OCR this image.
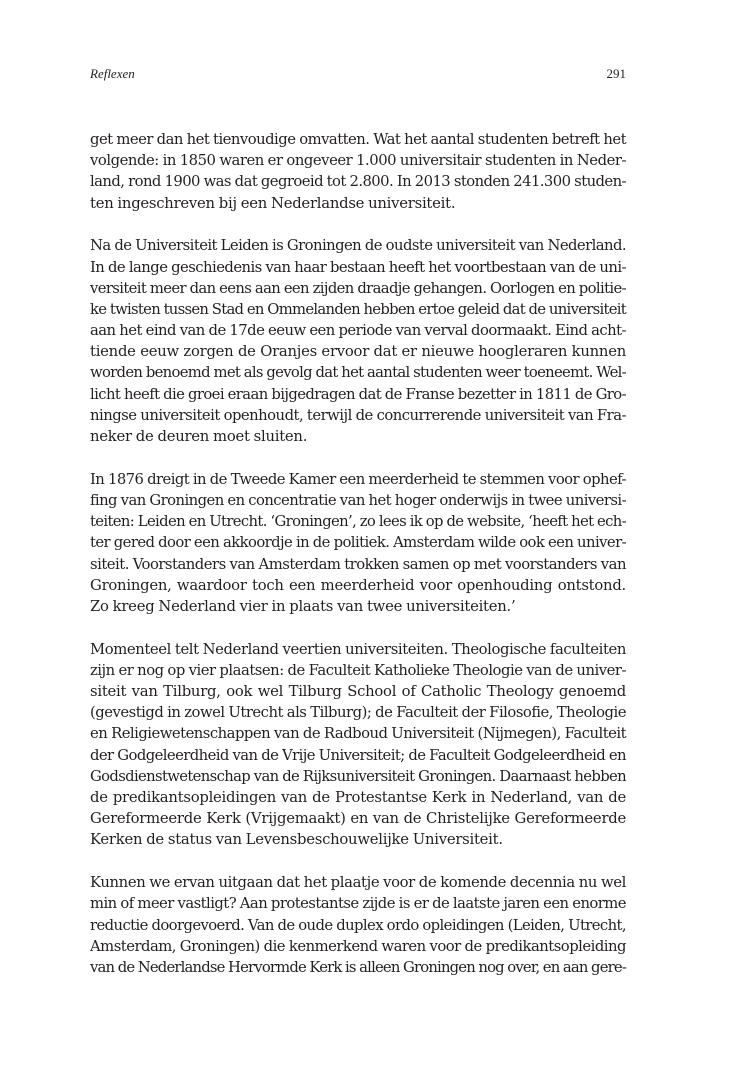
Reflexen	291

get meer dan het tienvoudige omvatten. Wat het aantal studenten betreft het
volgende: in 1850 waren er ongeveer 1.000 universitair studenten in Neder-
land, rond 1900 was dat gegroeid tot 2.800. In 2013 stonden 241.300 studen-
ten ingeschreven bij een Nederlandse universiteit.

Na de Universiteit Leiden is Groningen de oudste universiteit van Nederland.
In de lange geschiedenis van haar bestaan heeft het voortbestaan van de uni-
versiteit meer dan eens aan een zijden draadje gehangen. Oorlogen en politie-
ke twisten tussen Stad en Ommelanden hebben ertoe geleid dat de universiteit
aan het eind van de 17de eeuw een periode van verval doormaakt. Eind acht-
tiende eeuw zorgen de Oranjes ervoor dat er nieuwe hoogleraren kunnen
worden benoemd met als gevolg dat het aantal studenten weer toeneemt. Wel-
licht heeft die groei eraan bijgedragen dat de Franse bezetter in 1811 de Gro-
ningse universiteit openhoudt, terwijl de concurrerende universiteit van Fra-
neker de deuren moet sluiten.

In 1876 dreigt in de Tweede Kamer een meerderheid te stemmen voor ophef-
fing van Groningen en concentratie van het hoger onderwijs in twee universi-
teiten: Leiden en Utrecht. ‘Groningen’, zo lees ik op de website, ‘heeft het ech-
ter gered door een akkoordje in de politiek. Amsterdam wilde ook een univer-
siteit. Voorstanders van Amsterdam trokken samen op met voorstanders van
Groningen, waardoor toch een meerderheid voor openhouding ontstond.
Zo kreeg Nederland vier in plaats van twee universiteiten.’

Momenteel telt Nederland veertien universiteiten. Theologische faculteiten
zijn er nog op vier plaatsen: de Faculteit Katholieke Theologie van de univer-
siteit van Tilburg, ook wel Tilburg School of Catholic Theology genoemd
(gevestigd in zowel Utrecht als Tilburg); de Faculteit der Filosofie, Theologie
en Religiewetenschappen van de Radboud Universiteit (Nijmegen), Faculteit
der Godgeleerdheid van de Vrije Universiteit; de Faculteit Godgeleerdheid en
Godsdienstwetenschap van de Rijksuniversiteit Groningen. Daarnaast hebben
de predikantsopleidingen van de Protestantse Kerk in Nederland, van de
Gereformeerde Kerk (Vrijgemaakt) en van de Christelijke Gereformeerde
Kerken de status van Levensbeschouwelijke Universiteit.

Kunnen we ervan uitgaan dat het plaatje voor de komende decennia nu wel
min of meer vastligt? Aan protestantse zijde is er de laatste jaren een enorme
reductie doorgevoerd. Van de oude duplex ordo opleidingen (Leiden, Utrecht,
Amsterdam, Groningen) die kenmerkend waren voor de predikantsopleiding
van de Nederlandse Hervormde Kerk is alleen Groningen nog over, en aan gere-
